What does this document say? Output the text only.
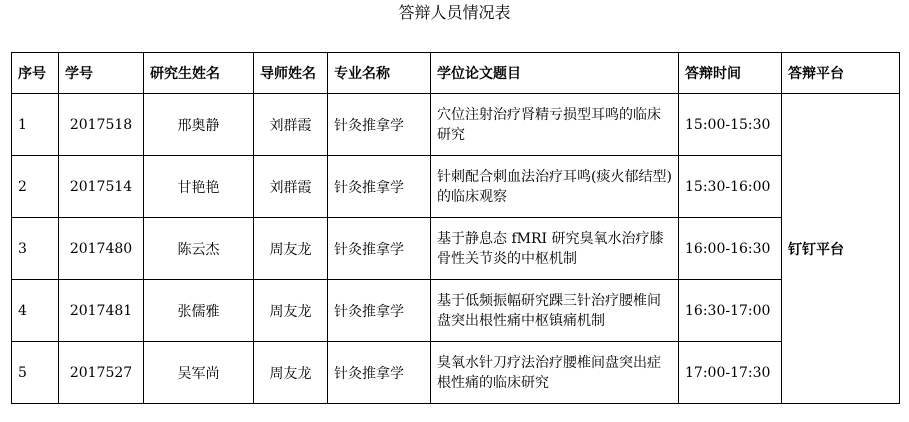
答辩人员情况表
序号	学号	研究生姓名	导师姓名	专业名称	学位论文题目	答辩时间	答辩平台
1	2017518	邢奥静	刘群霞	针灸推拿学	穴位注射治疗肾精亏损型耳鸣的临床研究	15:00-15:30	钉钉平台
2	2017514	甘艳艳	刘群霞	针灸推拿学	针刺配合刺血法治疗耳鸣(痰火郁结型)的临床观察	15:30-16:00	
3	2017480	陈云杰	周友龙	针灸推拿学	基于静息态 fMRI 研究臭氧水治疗膝骨性关节炎的中枢机制	16:00-16:30	
4	2017481	张儒雅	周友龙	针灸推拿学	基于低频振幅研究踝三针治疗腰椎间盘突出根性痛中枢镇痛机制	16:30-17:00	
5	2017527	吴军尚	周友龙	针灸推拿学	臭氧水针刀疗法治疗腰椎间盘突出症根性痛的临床研究	17:00-17:30	
